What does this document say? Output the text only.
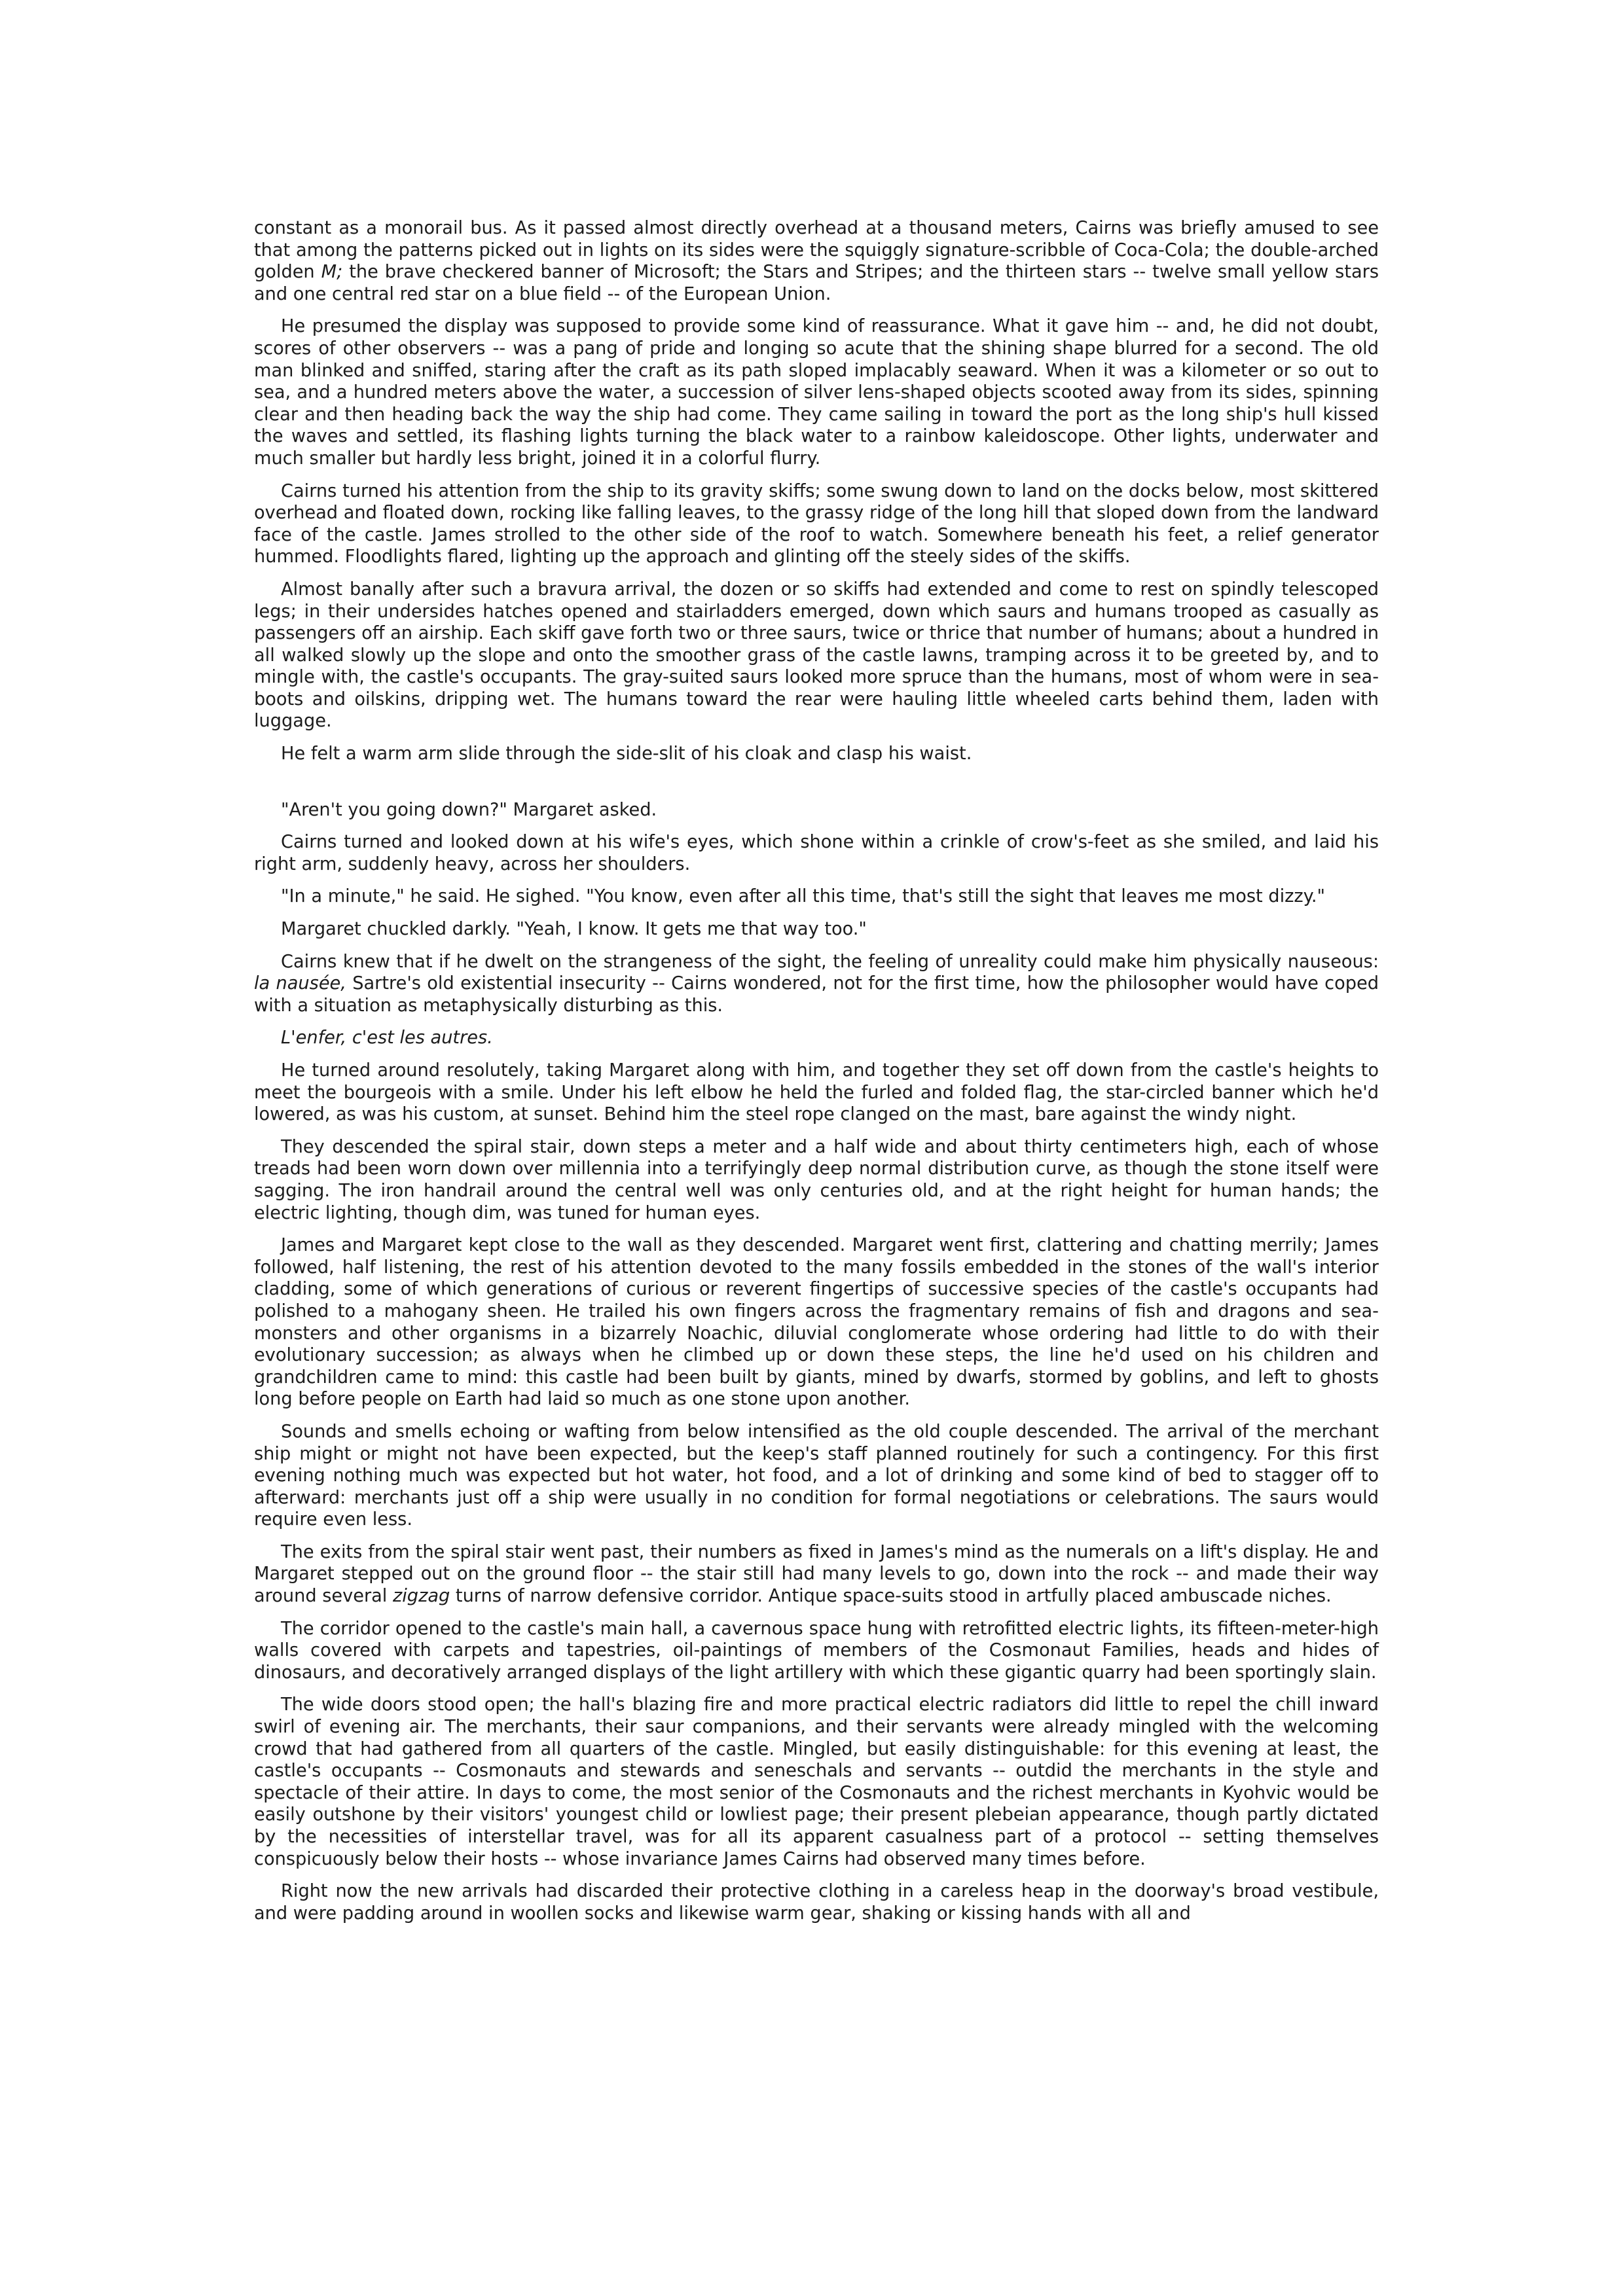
constant as a monorail bus. As it passed almost directly overhead at a thousand meters, Cairns was briefly amused to see that among the patterns picked out in lights on its sides were the squiggly signature-scribble of Coca-Cola; the double-arched golden M; the brave checkered banner of Microsoft; the Stars and Stripes; and the thirteen stars -- twelve small yellow stars and one central red star on a blue field -- of the European Union.

He presumed the display was supposed to provide some kind of reassurance. What it gave him -- and, he did not doubt, scores of other observers -- was a pang of pride and longing so acute that the shining shape blurred for a second. The old man blinked and sniffed, staring after the craft as its path sloped implacably seaward. When it was a kilometer or so out to sea, and a hundred meters above the water, a succession of silver lens-shaped objects scooted away from its sides, spinning clear and then heading back the way the ship had come. They came sailing in toward the port as the long ship's hull kissed the waves and settled, its flashing lights turning the black water to a rainbow kaleidoscope. Other lights, underwater and much smaller but hardly less bright, joined it in a colorful flurry.

Cairns turned his attention from the ship to its gravity skiffs; some swung down to land on the docks below, most skittered overhead and floated down, rocking like falling leaves, to the grassy ridge of the long hill that sloped down from the landward face of the castle. James strolled to the other side of the roof to watch. Somewhere beneath his feet, a relief generator hummed. Floodlights flared, lighting up the approach and glinting off the steely sides of the skiffs.

Almost banally after such a bravura arrival, the dozen or so skiffs had extended and come to rest on spindly telescoped legs; in their undersides hatches opened and stairladders emerged, down which saurs and humans trooped as casually as passengers off an airship. Each skiff gave forth two or three saurs, twice or thrice that number of humans; about a hundred in all walked slowly up the slope and onto the smoother grass of the castle lawns, tramping across it to be greeted by, and to mingle with, the castle's occupants. The gray-suited saurs looked more spruce than the humans, most of whom were in sea-boots and oilskins, dripping wet. The humans toward the rear were hauling little wheeled carts behind them, laden with luggage.

He felt a warm arm slide through the side-slit of his cloak and clasp his waist.

"Aren't you going down?" Margaret asked.

Cairns turned and looked down at his wife's eyes, which shone within a crinkle of crow's-feet as she smiled, and laid his right arm, suddenly heavy, across her shoulders.

"In a minute," he said. He sighed. "You know, even after all this time, that's still the sight that leaves me most dizzy."

Margaret chuckled darkly. "Yeah, I know. It gets me that way too."

Cairns knew that if he dwelt on the strangeness of the sight, the feeling of unreality could make him physically nauseous: la nausée, Sartre's old existential insecurity -- Cairns wondered, not for the first time, how the philosopher would have coped with a situation as metaphysically disturbing as this.

L'enfer, c'est les autres.

He turned around resolutely, taking Margaret along with him, and together they set off down from the castle's heights to meet the bourgeois with a smile. Under his left elbow he held the furled and folded flag, the star-circled banner which he'd lowered, as was his custom, at sunset. Behind him the steel rope clanged on the mast, bare against the windy night.

They descended the spiral stair, down steps a meter and a half wide and about thirty centimeters high, each of whose treads had been worn down over millennia into a terrifyingly deep normal distribution curve, as though the stone itself were sagging. The iron handrail around the central well was only centuries old, and at the right height for human hands; the electric lighting, though dim, was tuned for human eyes.

James and Margaret kept close to the wall as they descended. Margaret went first, clattering and chatting merrily; James followed, half listening, the rest of his attention devoted to the many fossils embedded in the stones of the wall's interior cladding, some of which generations of curious or reverent fingertips of successive species of the castle's occupants had polished to a mahogany sheen. He trailed his own fingers across the fragmentary remains of fish and dragons and sea-monsters and other organisms in a bizarrely Noachic, diluvial conglomerate whose ordering had little to do with their evolutionary succession; as always when he climbed up or down these steps, the line he'd used on his children and grandchildren came to mind: this castle had been built by giants, mined by dwarfs, stormed by goblins, and left to ghosts long before people on Earth had laid so much as one stone upon another.

Sounds and smells echoing or wafting from below intensified as the old couple descended. The arrival of the merchant ship might or might not have been expected, but the keep's staff planned routinely for such a contingency. For this first evening nothing much was expected but hot water, hot food, and a lot of drinking and some kind of bed to stagger off to afterward: merchants just off a ship were usually in no condition for formal negotiations or celebrations. The saurs would require even less.

The exits from the spiral stair went past, their numbers as fixed in James's mind as the numerals on a lift's display. He and Margaret stepped out on the ground floor -- the stair still had many levels to go, down into the rock -- and made their way around several zigzag turns of narrow defensive corridor. Antique space-suits stood in artfully placed ambuscade niches.

The corridor opened to the castle's main hall, a cavernous space hung with retrofitted electric lights, its fifteen-meter-high walls covered with carpets and tapestries, oil-paintings of members of the Cosmonaut Families, heads and hides of dinosaurs, and decoratively arranged displays of the light artillery with which these gigantic quarry had been sportingly slain.

The wide doors stood open; the hall's blazing fire and more practical electric radiators did little to repel the chill inward swirl of evening air. The merchants, their saur companions, and their servants were already mingled with the welcoming crowd that had gathered from all quarters of the castle. Mingled, but easily distinguishable: for this evening at least, the castle's occupants -- Cosmonauts and stewards and seneschals and servants -- outdid the merchants in the style and spectacle of their attire. In days to come, the most senior of the Cosmonauts and the richest merchants in Kyohvic would be easily outshone by their visitors' youngest child or lowliest page; their present plebeian appearance, though partly dictated by the necessities of interstellar travel, was for all its apparent casualness part of a protocol -- setting themselves conspicuously below their hosts -- whose invariance James Cairns had observed many times before.

Right now the new arrivals had discarded their protective clothing in a careless heap in the doorway's broad vestibule, and were padding around in woollen socks and likewise warm gear, shaking or kissing hands with all and
